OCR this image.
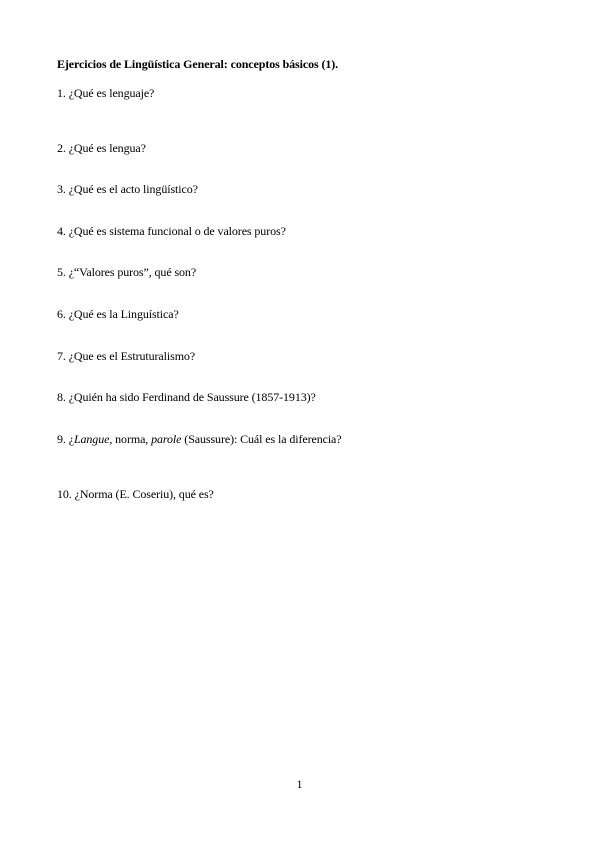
Ejercicios de Lingüística General: conceptos básicos (1).
1. ¿Qué es lenguaje?
2. ¿Qué es lengua?
3. ¿Qué es el acto lingüístico?
4. ¿Qué es sistema funcional o de valores puros?
5. ¿“Valores puros”, qué son?
6. ¿Qué es la Linguística?
7. ¿Que es el Estruturalismo?
8. ¿Quién ha sido Ferdinand de Saussure (1857-1913)?
9. ¿Langue, norma, parole (Saussure): Cuál es la diferencia?
10. ¿Norma (E. Coseriu), qué es?
1
